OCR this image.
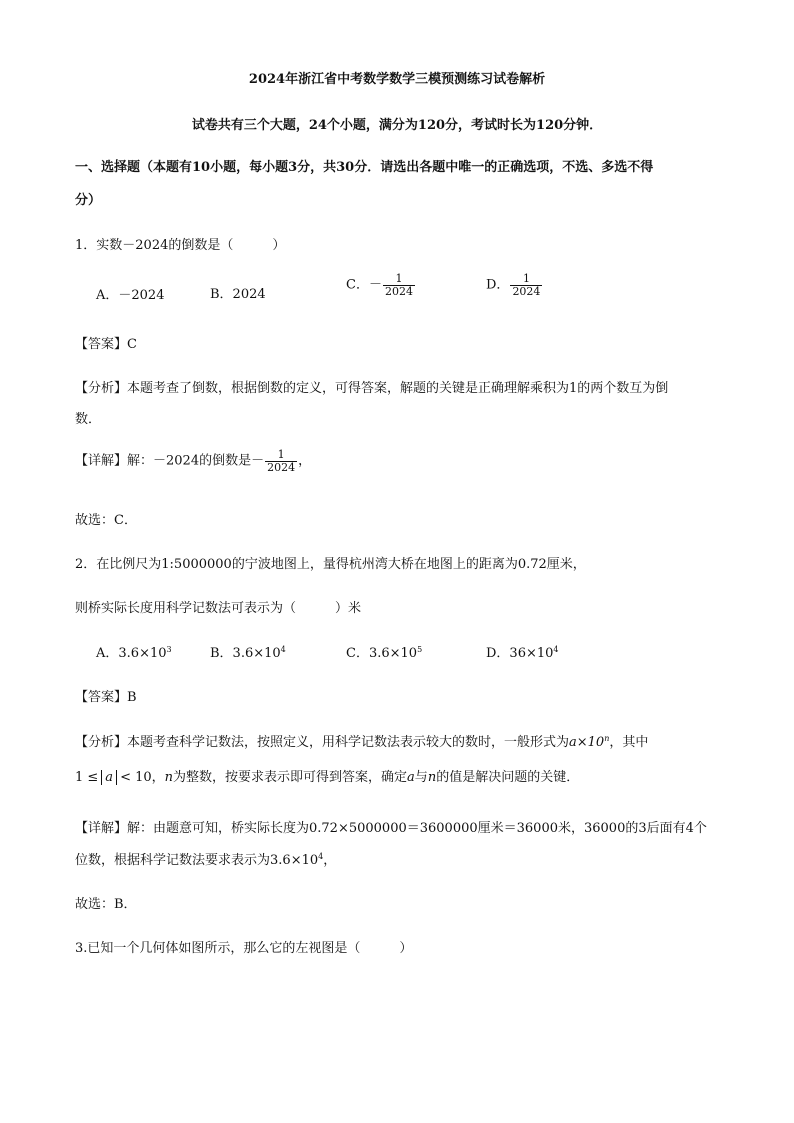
2024年浙江省中考数学数学三模预测练习试卷解析
试卷共有三个大题，24个小题，满分为120分，考试时长为120分钟．
一、选择题（本题有10小题，每小题3分，共30分．请选出各题中唯一的正确选项，不选、多选不得
分）
1．实数－2024的倒数是（　　　）
A．－2024	B．2024
C．－ $\frac{1}{2024}$	D． $\frac{1}{2024}$
【答案】C
【分析】本题考查了倒数，根据倒数的定义，可得答案，解题的关键是正确理解乘积为1的两个数互为倒
数．
【详解】解：－2024的倒数是－ $\frac{1}{2024}$ ，
故选：C．
2．在比例尺为1:5000000的宁波地图上，量得杭州湾大桥在地图上的距离为0.72厘米，
则桥实际长度用科学记数法可表示为（　　　）米
A．$3.6\times 10^3$	B．$3.6\times 10^4$	C．$3.6\times 10^5$	D．$36\times 10^4$
【答案】B
【分析】本题考查科学记数法，按照定义，用科学记数法表示较大的数时，一般形式为$a\times 10^n$，其中
1 ≤ a < 10，n为整数，按要求表示即可得到答案，确定a与n的值是解决问题的关键．
【详解】解：由题意可知，桥实际长度为0.72×5000000＝3600000厘米＝36000米，36000的3后面有4个
位数，根据科学记数法要求表示为$3.6\times 10^4$，
故选：B．
3.已知一个几何体如图所示，那么它的左视图是（　　　）
